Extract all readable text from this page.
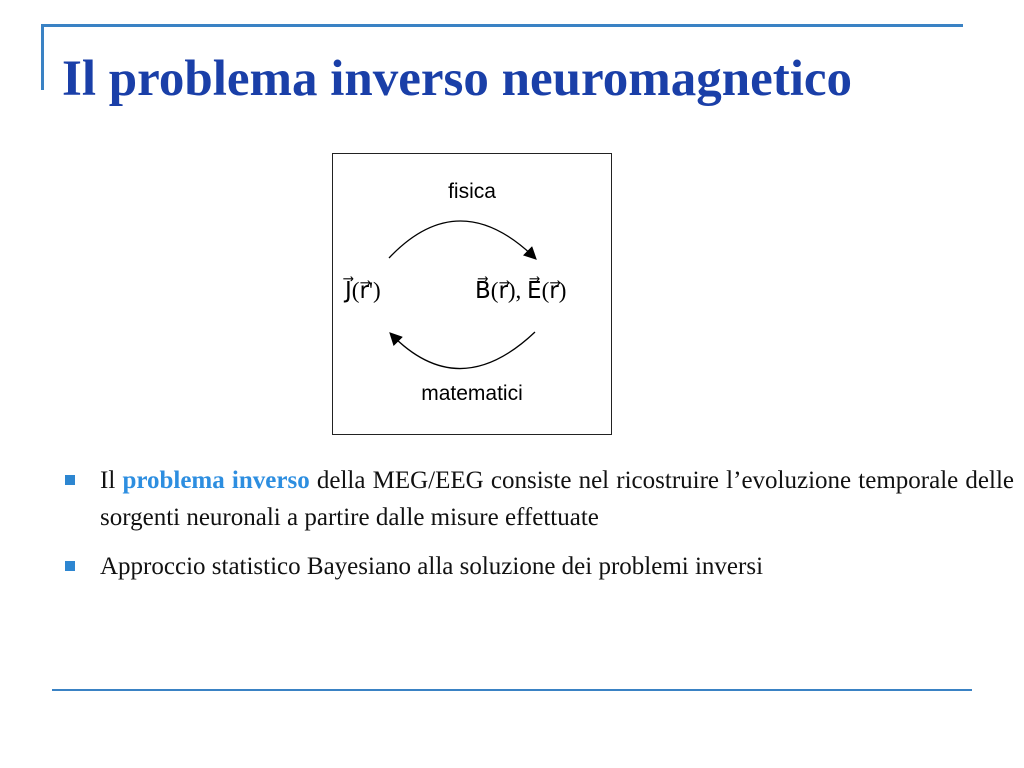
Il problema inverso neuromagnetico
fisica
J⃗(r⃗')	B⃗(r⃗), E⃗(r⃗)
matematici
Il problema inverso della MEG/EEG consiste nel ricostruire l’evoluzione temporale delle sorgenti neuronali a partire dalle misure effettuate
Approccio statistico Bayesiano alla soluzione dei problemi inversi
